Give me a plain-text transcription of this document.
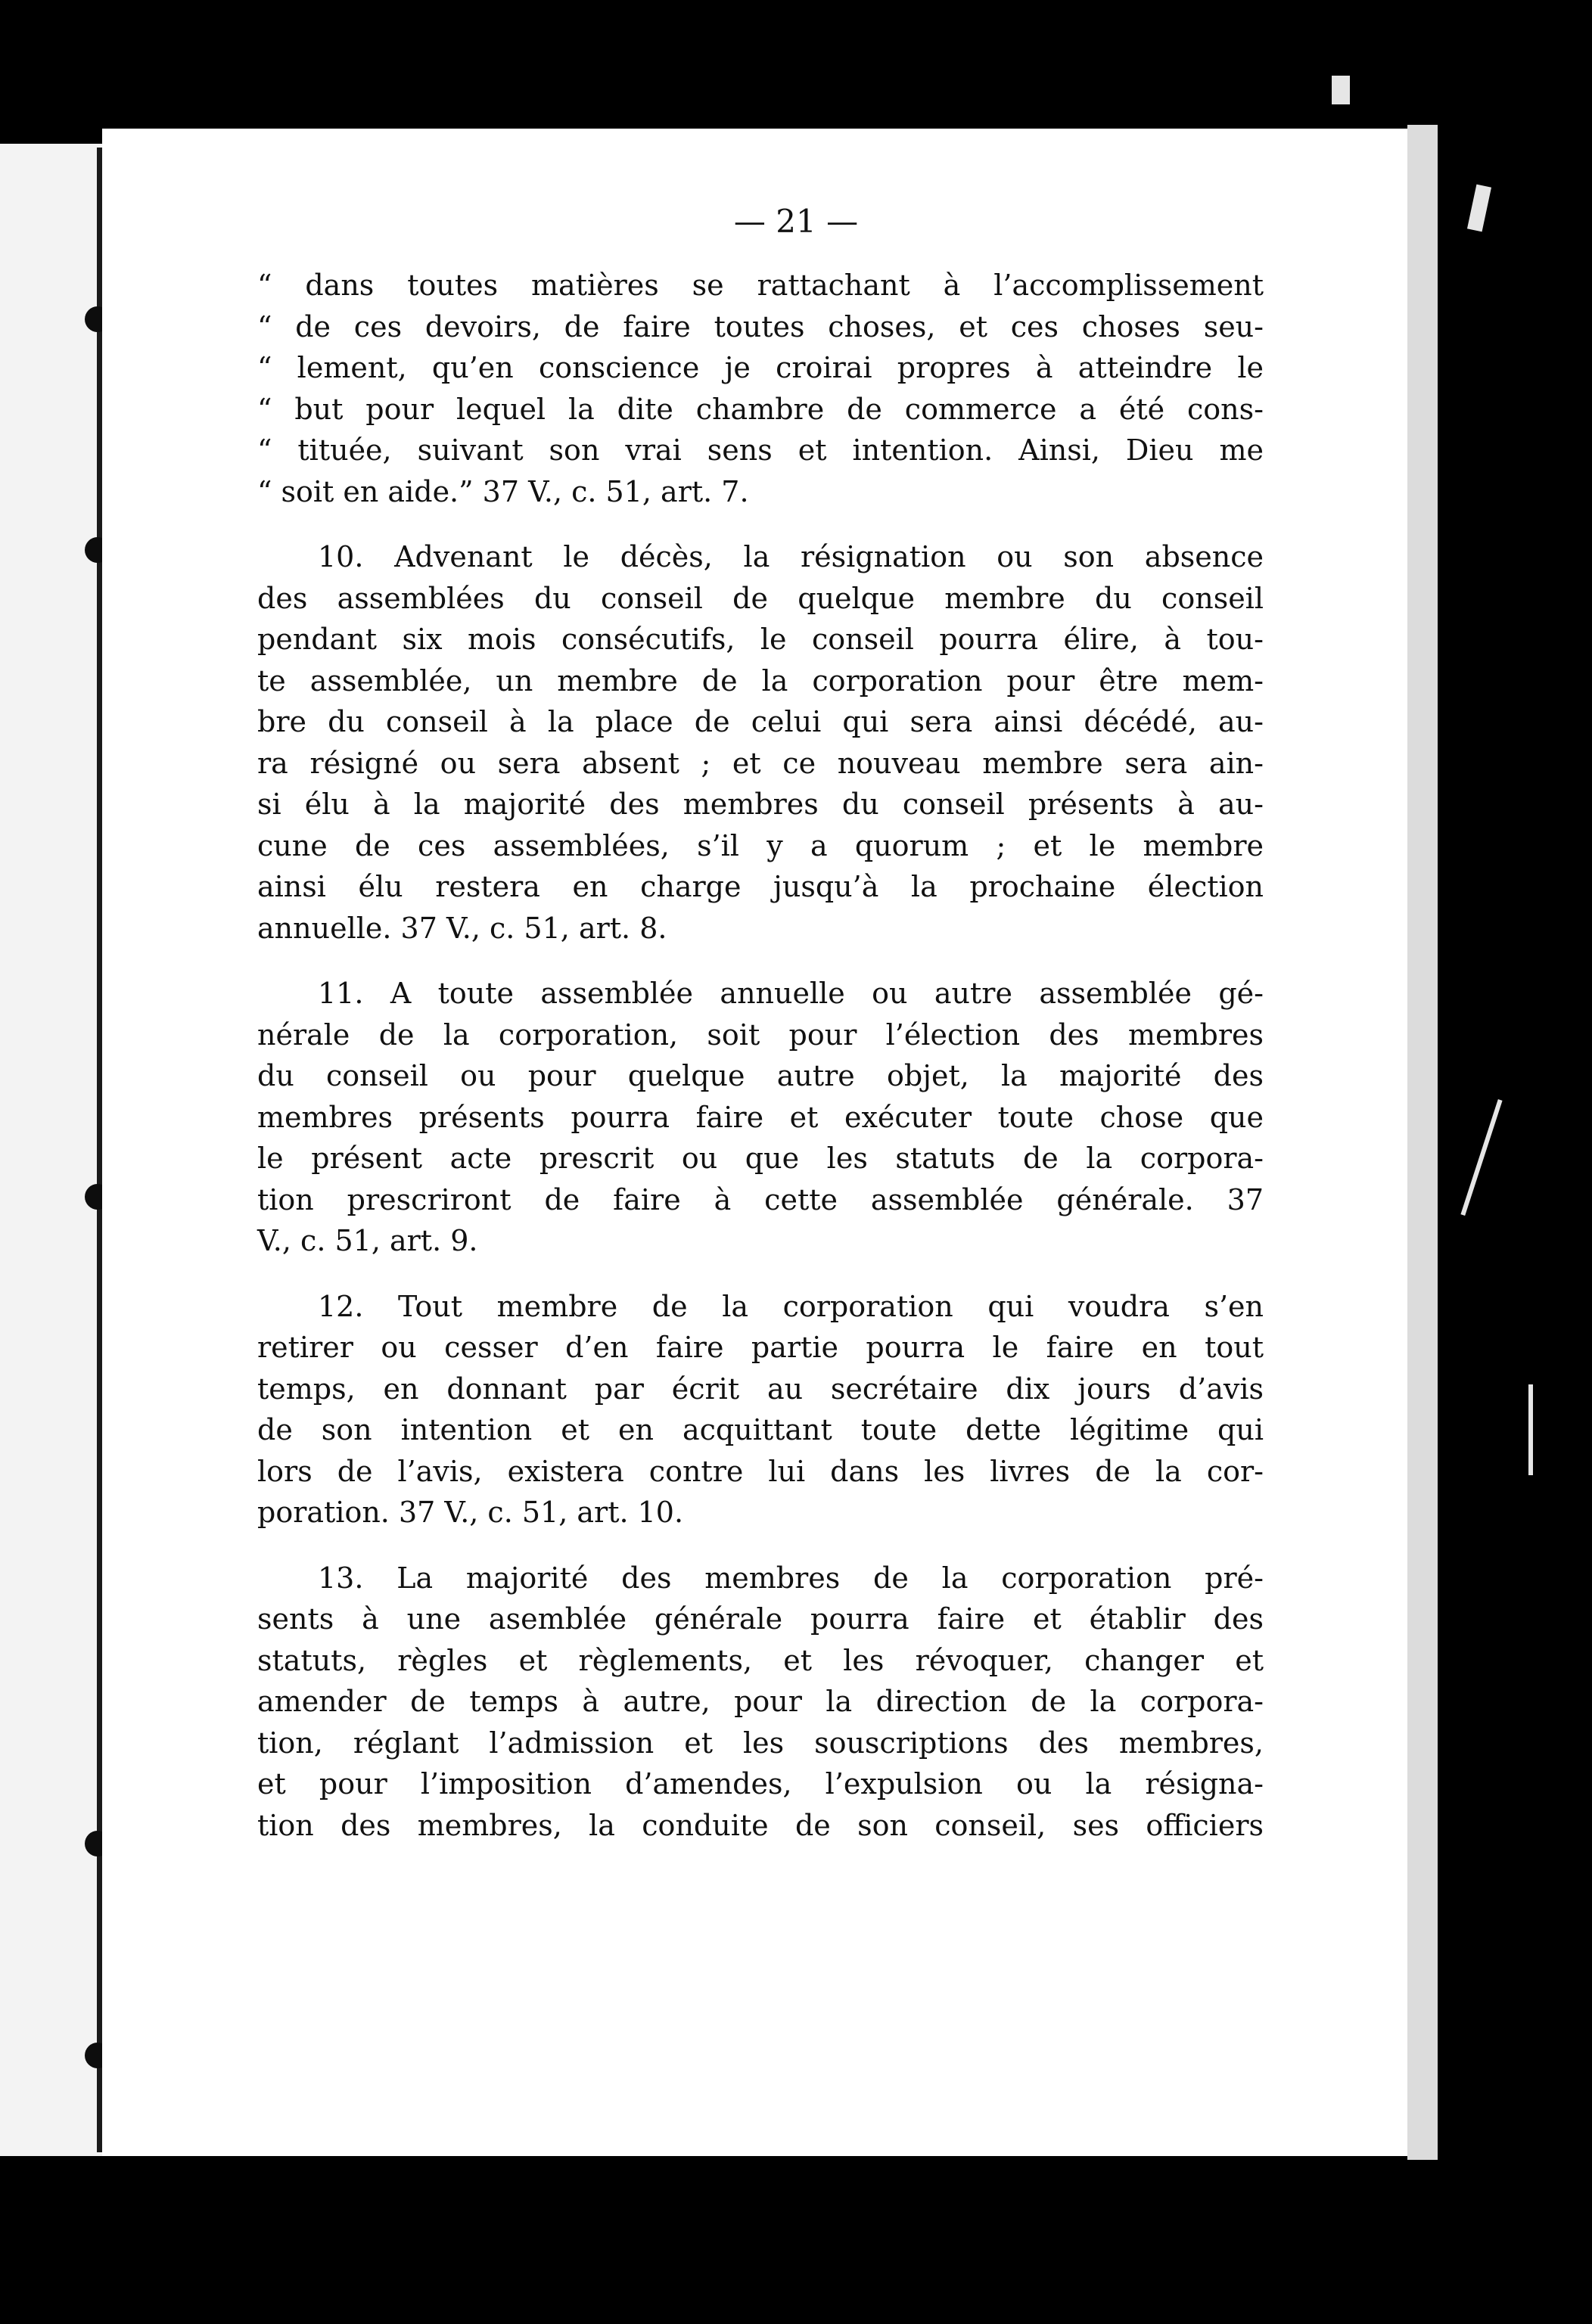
— 21 —
“ dans toutes matières se rattachant à l’accomplissement
“ de ces devoirs, de faire toutes choses, et ces choses seu-
“ lement, qu’en conscience je croirai propres à atteindre le
“ but pour lequel la dite chambre de commerce a été cons-
“ tituée, suivant son vrai sens et intention. Ainsi, Dieu me
“ soit en aide.” 37 V., c. 51, art. 7.
10. Advenant le décès, la résignation ou son absence
des assemblées du conseil de quelque membre du conseil
pendant six mois consécutifs, le conseil pourra élire, à tou-
te assemblée, un membre de la corporation pour être mem-
bre du conseil à la place de celui qui sera ainsi décédé, au-
ra résigné ou sera absent ; et ce nouveau membre sera ain-
si élu à la majorité des membres du conseil présents à au-
cune de ces assemblées, s’il y a quorum ; et le membre
ainsi élu restera en charge jusqu’à la prochaine élection
annuelle. 37 V., c. 51, art. 8.
11. A toute assemblée annuelle ou autre assemblée gé-
nérale de la corporation, soit pour l’élection des membres
du conseil ou pour quelque autre objet, la majorité des
membres présents pourra faire et exécuter toute chose que
le présent acte prescrit ou que les statuts de la corpora-
tion prescriront de faire à cette assemblée générale. 37
V., c. 51, art. 9.
12. Tout membre de la corporation qui voudra s’en
retirer ou cesser d’en faire partie pourra le faire en tout
temps, en donnant par écrit au secrétaire dix jours d’avis
de son intention et en acquittant toute dette légitime qui
lors de l’avis, existera contre lui dans les livres de la cor-
poration. 37 V., c. 51, art. 10.
13. La majorité des membres de la corporation pré-
sents à une asemblée générale pourra faire et établir des
statuts, règles et règlements, et les révoquer, changer et
amender de temps à autre, pour la direction de la corpora-
tion, réglant l’admission et les souscriptions des membres,
et pour l’imposition d’amendes, l’expulsion ou la résigna-
tion des membres, la conduite de son conseil, ses officiers
